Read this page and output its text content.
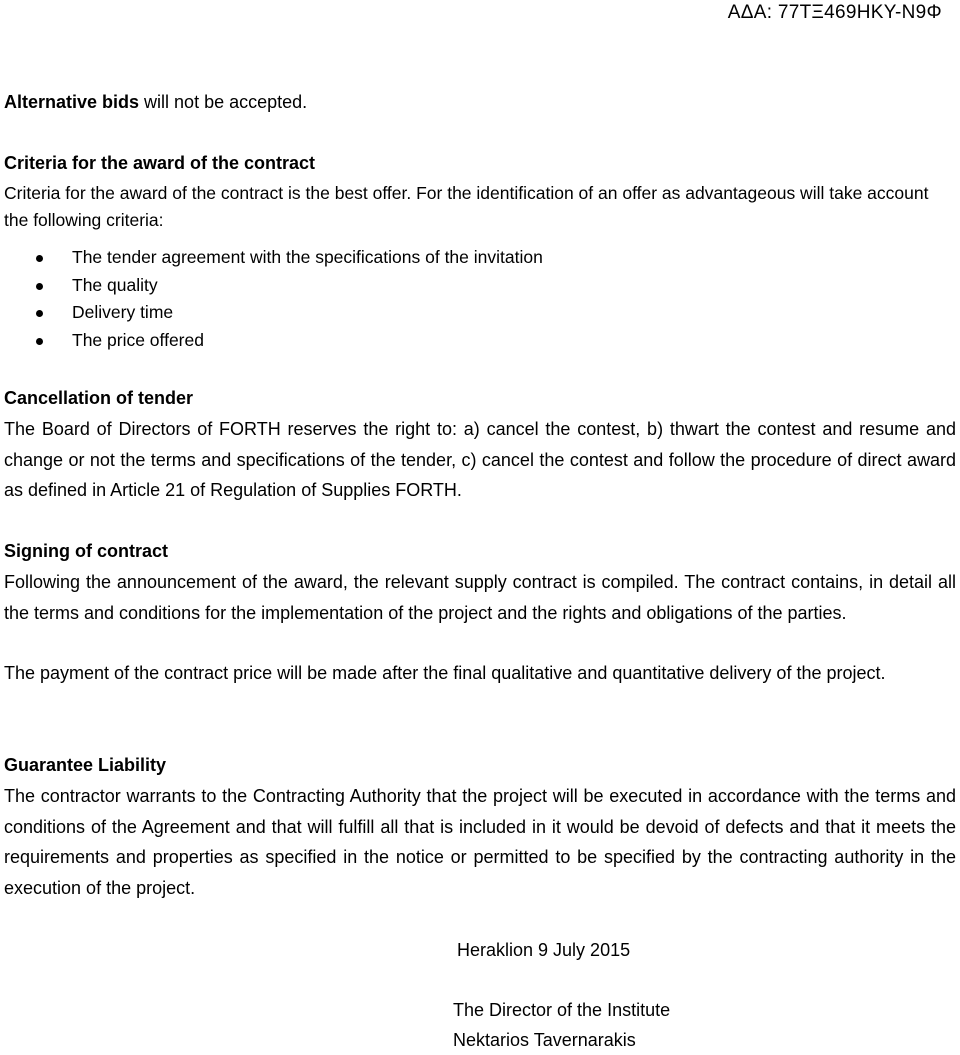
ΑΔΑ: 77ΤΞ469ΗΚΥ-Ν9Φ

Alternative bids will not be accepted.

Criteria for the award of the contract

Criteria for the award of the contract is the best offer. For the identification of an offer as advantageous will take account the following criteria:

The tender agreement with the specifications of the invitation
The quality
Delivery time
The price offered

Cancellation of tender

The Board of Directors of FORTH reserves the right to: a) cancel the contest, b) thwart the contest and resume and change or not the terms and specifications of the tender, c) cancel the contest and follow the procedure of direct award as defined in Article 21 of Regulation of Supplies FORTH.

Signing of contract

Following the announcement of the award, the relevant supply contract is compiled. The contract contains, in detail all the terms and conditions for the implementation of the project and the rights and obligations of the parties.

The payment of the contract price will be made after the final qualitative and quantitative delivery of the project.

Guarantee Liability

The contractor warrants to the Contracting Authority that the project will be executed in accordance with the terms and conditions of the Agreement and that will fulfill all that is included in it would be devoid of defects and that it meets the requirements and properties as specified in the notice or permitted to be specified by the contracting authority in the execution of the project.

Heraklion 9 July 2015
The Director of the Institute
Nektarios Tavernarakis
